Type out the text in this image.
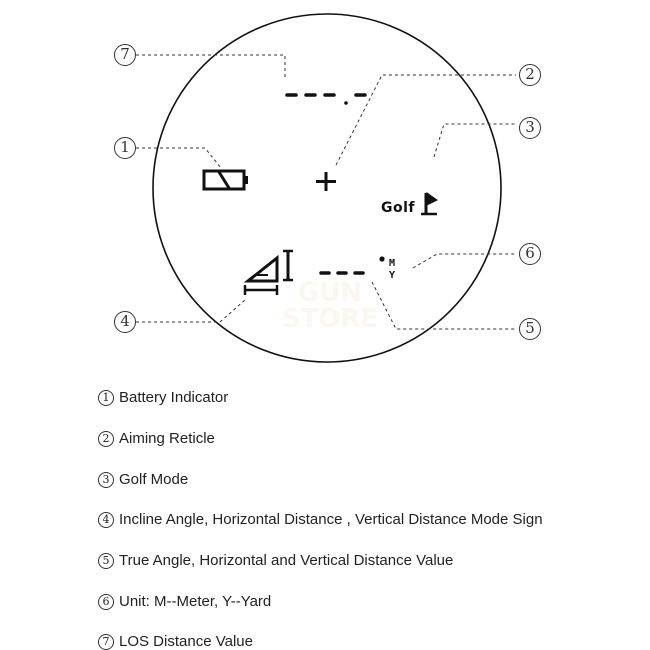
GUN
STORE
Golf
M
Y
7
2
3
1
6
4	5
1 Battery Indicator
2 Aiming Reticle
3 Golf Mode
4 Incline Angle, Horizontal Distance , Vertical Distance Mode Sign
5 True Angle, Horizontal and Vertical Distance Value
6 Unit: M--Meter, Y--Yard
7 LOS Distance Value
